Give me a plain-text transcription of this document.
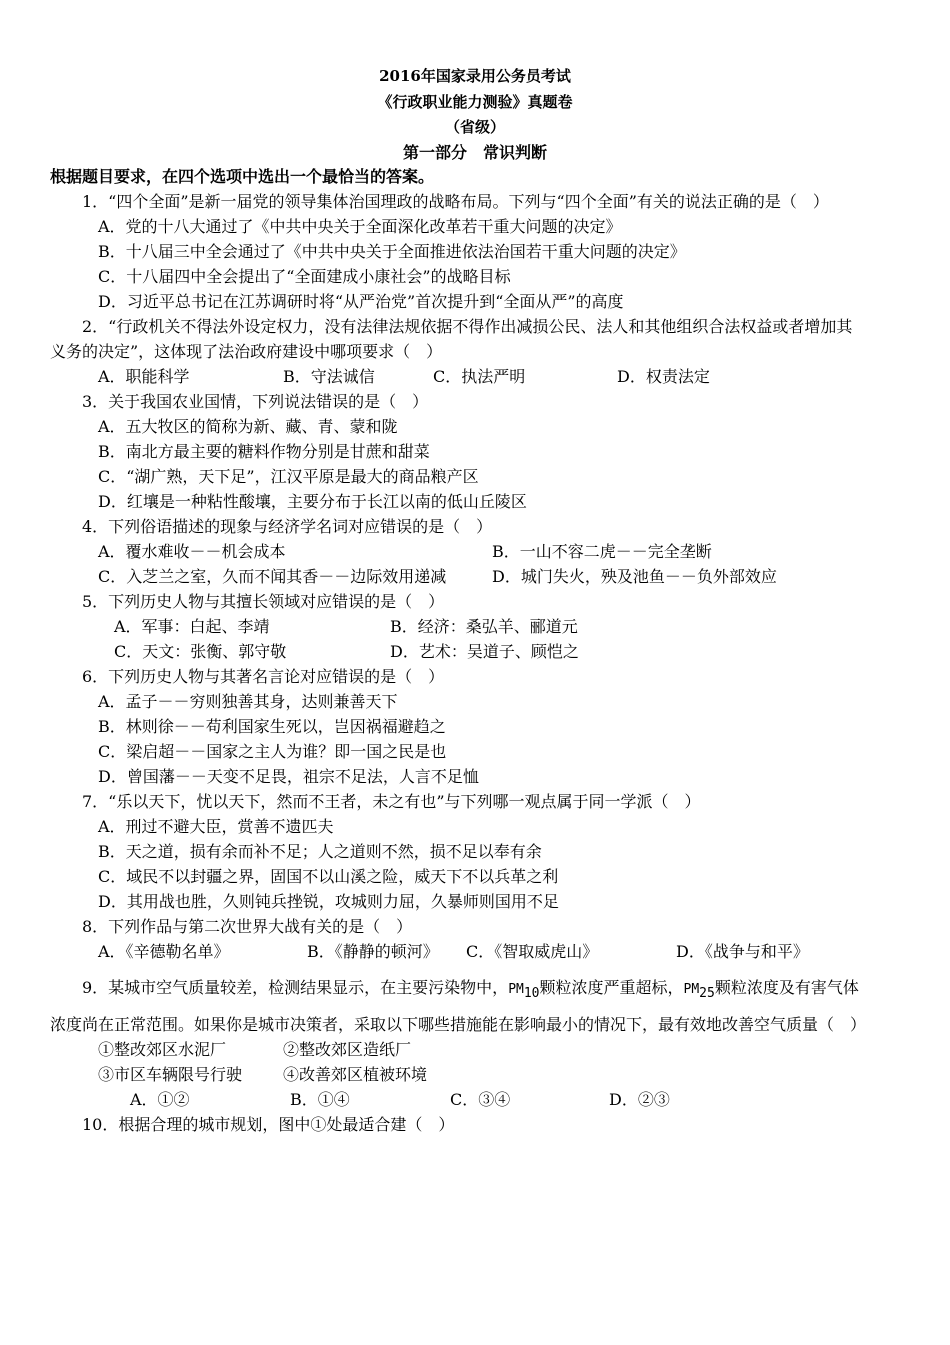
2016年国家录用公务员考试
《行政职业能力测验》真题卷
（省级）
第一部分　常识判断
根据题目要求，在四个选项中选出一个最恰当的答案。
1．“四个全面”是新一届党的领导集体治国理政的战略布局。下列与“四个全面”有关的说法正确的是（　）
A．党的十八大通过了《中共中央关于全面深化改革若干重大问题的决定》
B．十八届三中全会通过了《中共中央关于全面推进依法治国若干重大问题的决定》
C．十八届四中全会提出了“全面建成小康社会”的战略目标
D．习近平总书记在江苏调研时将“从严治党”首次提升到“全面从严”的高度
2．“行政机关不得法外设定权力，没有法律法规依据不得作出减损公民、法人和其他组织合法权益或者增加其
义务的决定”，这体现了法治政府建设中哪项要求（　）
A．职能科学	B．守法诚信	C．执法严明	D．权责法定
3．关于我国农业国情，下列说法错误的是（　）
A．五大牧区的简称为新、藏、青、蒙和陇
B．南北方最主要的糖料作物分别是甘蔗和甜菜
C．“湖广熟，天下足”，江汉平原是最大的商品粮产区
D．红壤是一种粘性酸壤，主要分布于长江以南的低山丘陵区
4．下列俗语描述的现象与经济学名词对应错误的是（　）
A．覆水难收－－机会成本	B．一山不容二虎－－完全垄断
C．入芝兰之室，久而不闻其香－－边际效用递减	D．城门失火，殃及池鱼－－负外部效应
5．下列历史人物与其擅长领域对应错误的是（　）
A．军事：白起、李靖	B．经济：桑弘羊、郦道元
C．天文：张衡、郭守敬	D．艺术：吴道子、顾恺之
6．下列历史人物与其著名言论对应错误的是（　）
A．孟子－－穷则独善其身，达则兼善天下
B．林则徐－－苟利国家生死以，岂因祸福避趋之
C．梁启超－－国家之主人为谁？即一国之民是也
D．曾国藩－－天变不足畏，祖宗不足法，人言不足恤
7．“乐以天下，忧以天下，然而不王者，未之有也”与下列哪一观点属于同一学派（　）
A．刑过不避大臣，赏善不遗匹夫
B．天之道，损有余而补不足；人之道则不然，损不足以奉有余
C．域民不以封疆之界，固国不以山溪之险，威天下不以兵革之利
D．其用战也胜，久则钝兵挫锐，攻城则力屈，久暴师则国用不足
8．下列作品与第二次世界大战有关的是（　）
A．《辛德勒名单》	B．《静静的顿河》 C．《智取威虎山》	D．《战争与和平》
9．某城市空气质量较差，检测结果显示，在主要污染物中，$PM_{10}$颗粒浓度严重超标，$PM_{25}$颗粒浓度及有害气体
浓度尚在正常范围。如果你是城市决策者，采取以下哪些措施能在影响最小的情况下，最有效地改善空气质量（　）
①整改郊区水泥厂	②整改郊区造纸厂
③市区车辆限号行驶	④改善郊区植被环境
A．①②	B．①④	C．③④	D．②③
10．根据合理的城市规划，图中①处最适合建（　）
